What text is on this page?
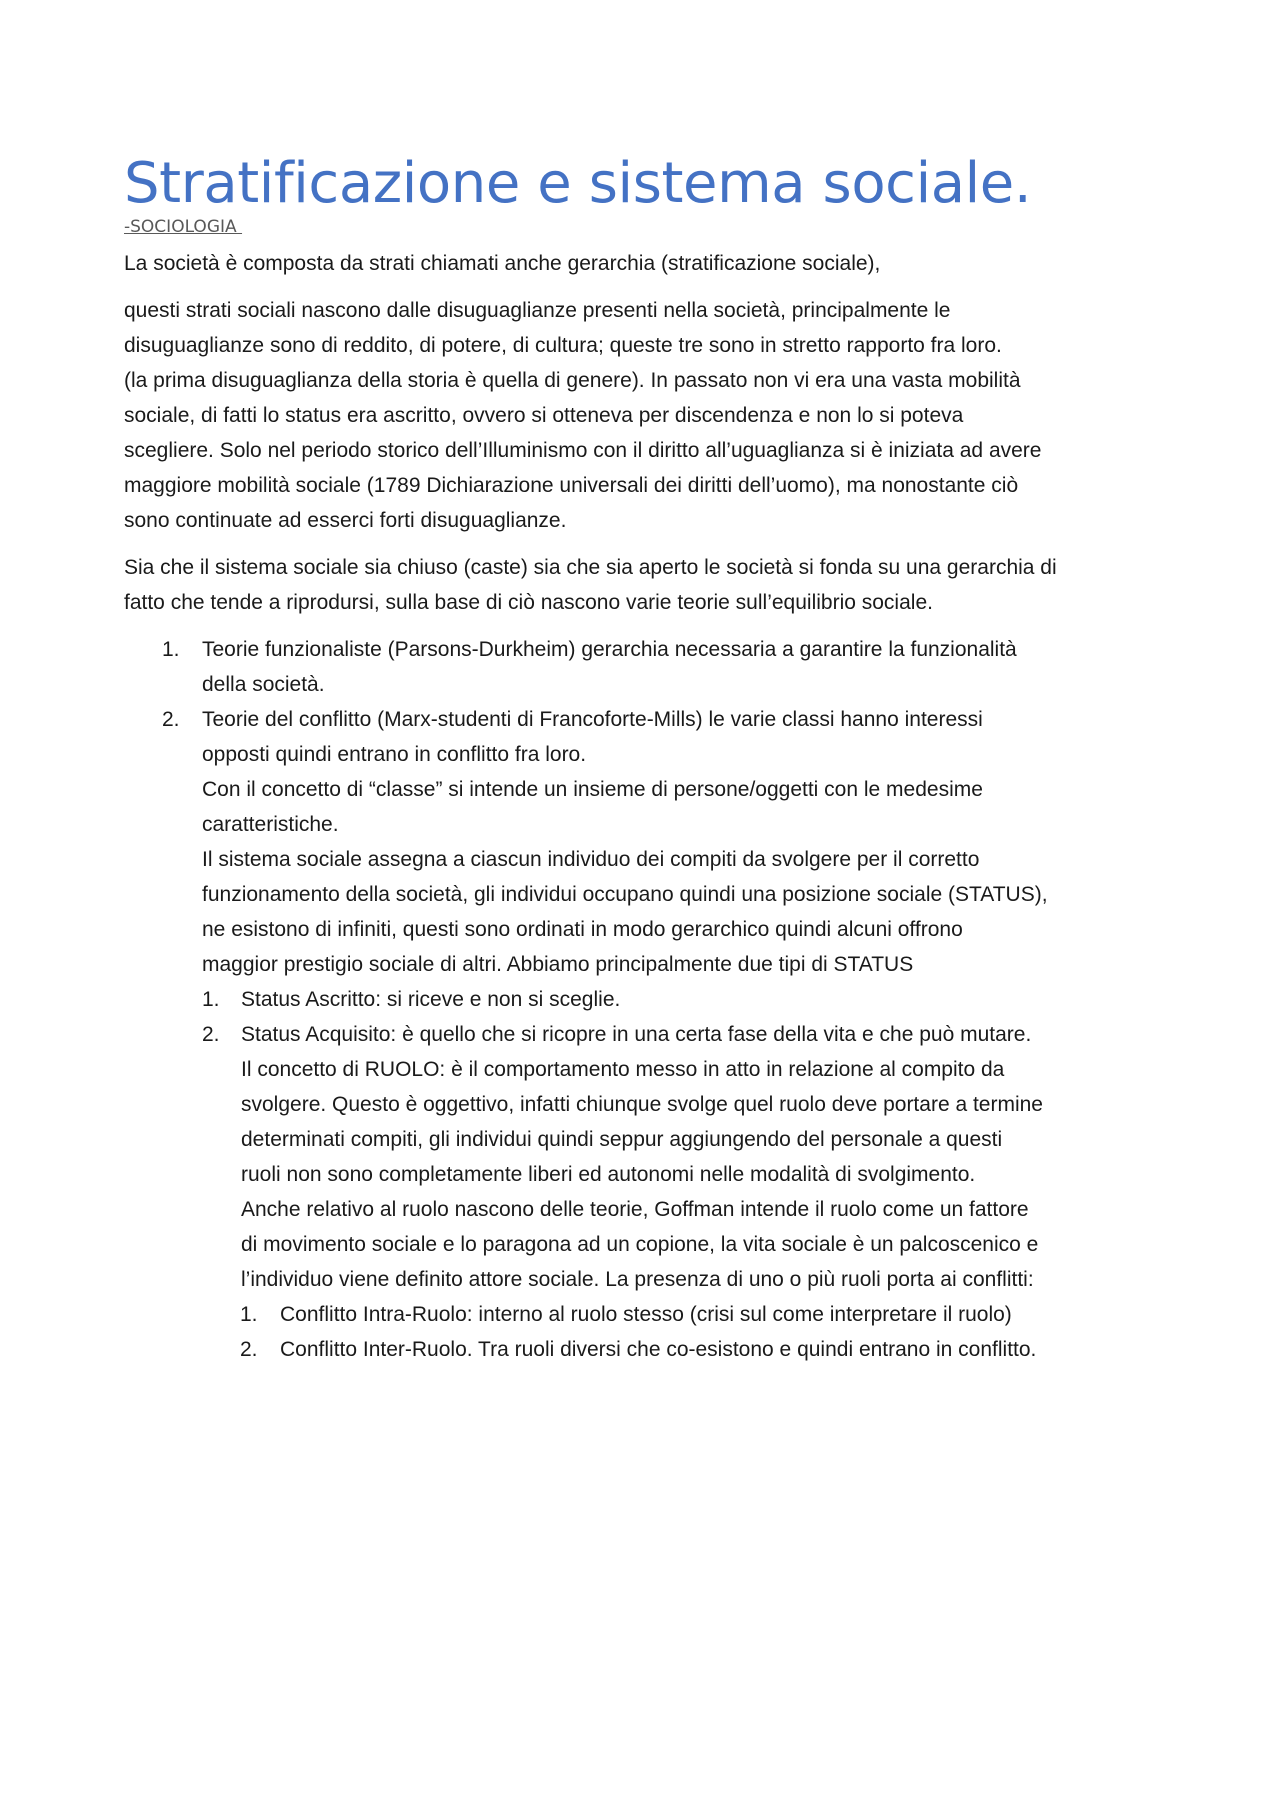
Stratificazione e sistema sociale.
-SOCIOLOGIA

La società è composta da strati chiamati anche gerarchia (stratificazione sociale),

questi strati sociali nascono dalle disuguaglianze presenti nella società, principalmente le
disuguaglianze sono di reddito, di potere, di cultura; queste tre sono in stretto rapporto fra loro.
(la prima disuguaglianza della storia è quella di genere). In passato non vi era una vasta mobilità
sociale, di fatti lo status era ascritto, ovvero si otteneva per discendenza e non lo si poteva
scegliere. Solo nel periodo storico dell’Illuminismo con il diritto all’uguaglianza si è iniziata ad avere
maggiore mobilità sociale (1789 Dichiarazione universali dei diritti dell’uomo), ma nonostante ciò
sono continuate ad esserci forti disuguaglianze.

Sia che il sistema sociale sia chiuso (caste) sia che sia aperto le società si fonda su una gerarchia di
fatto che tende a riprodursi, sulla base di ciò nascono varie teorie sull’equilibrio sociale.

1. Teorie funzionaliste (Parsons-Durkheim) gerarchia necessaria a garantire la funzionalità
della società.
2. Teorie del conflitto (Marx-studenti di Francoforte-Mills) le varie classi hanno interessi
opposti quindi entrano in conflitto fra loro.
Con il concetto di “classe” si intende un insieme di persone/oggetti con le medesime
caratteristiche.
Il sistema sociale assegna a ciascun individuo dei compiti da svolgere per il corretto
funzionamento della società, gli individui occupano quindi una posizione sociale (STATUS),
ne esistono di infiniti, questi sono ordinati in modo gerarchico quindi alcuni offrono
maggior prestigio sociale di altri. Abbiamo principalmente due tipi di STATUS
1. Status Ascritto: si riceve e non si sceglie.
2. Status Acquisito: è quello che si ricopre in una certa fase della vita e che può mutare.
Il concetto di RUOLO: è il comportamento messo in atto in relazione al compito da
svolgere. Questo è oggettivo, infatti chiunque svolge quel ruolo deve portare a termine
determinati compiti, gli individui quindi seppur aggiungendo del personale a questi
ruoli non sono completamente liberi ed autonomi nelle modalità di svolgimento.
Anche relativo al ruolo nascono delle teorie, Goffman intende il ruolo come un fattore
di movimento sociale e lo paragona ad un copione, la vita sociale è un palcoscenico e
l’individuo viene definito attore sociale. La presenza di uno o più ruoli porta ai conflitti:
1. Conflitto Intra-Ruolo: interno al ruolo stesso (crisi sul come interpretare il ruolo)
2. Conflitto Inter-Ruolo. Tra ruoli diversi che co-esistono e quindi entrano in conflitto.
